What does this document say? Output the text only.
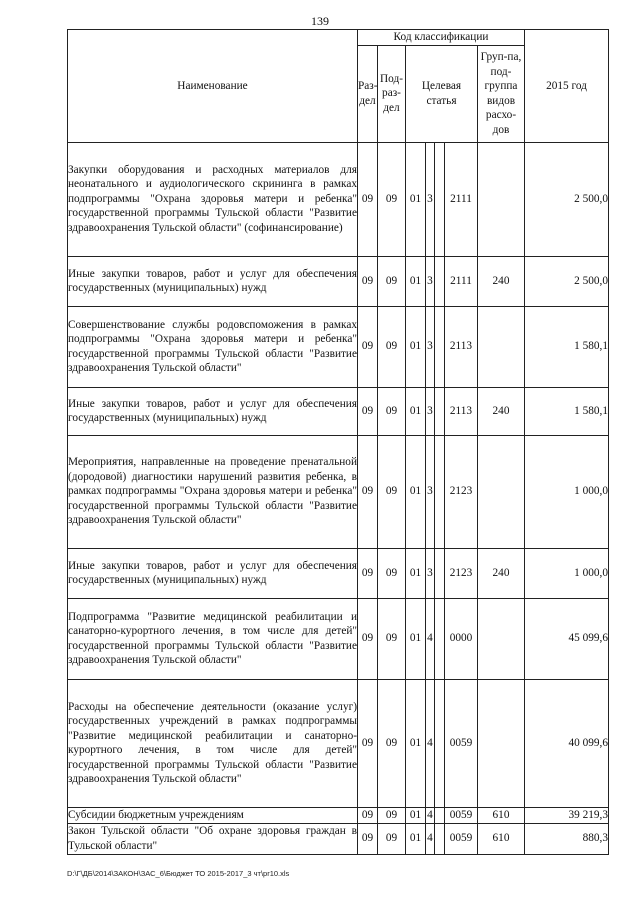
139
Наименование	Код классификации							2015 год
	Раз-дел	Под-раз-дел	Целевая статья				Груп-па, под-группа видов расхо-дов	
Закупки оборудования и расходных материалов для неонатального и аудиологического скрининга в рамках подпрограммы "Охрана здоровья матери и ребенка" государственной программы Тульской области "Развитие здравоохранения Тульской области" (софинансирование)	09	09	01	3		2111		2 500,0
Иные закупки товаров, работ и услуг для обеспечения государственных (муниципальных) нужд	09	09	01	3		2111	240	2 500,0
Совершенствование службы родовспоможения в рамках подпрограммы "Охрана здоровья матери и ребенка" государственной программы Тульской области "Развитие здравоохранения Тульской области"	09	09	01	3		2113		1 580,1
Иные закупки товаров, работ и услуг для обеспечения государственных (муниципальных) нужд	09	09	01	3		2113	240	1 580,1
Мероприятия, направленные на проведение пренатальной (дородовой) диагностики нарушений развития ребенка, в рамках подпрограммы "Охрана здоровья матери и ребенка" государственной программы Тульской области "Развитие здравоохранения Тульской области"	09	09	01	3		2123		1 000,0
Иные закупки товаров, работ и услуг для обеспечения государственных (муниципальных) нужд	09	09	01	3		2123	240	1 000,0
Подпрограмма "Развитие медицинской реабилитации и санаторно-курортного лечения, в том числе для детей" государственной программы Тульской области "Развитие здравоохранения Тульской области"	09	09	01	4		0000		45 099,6
Расходы на обеспечение деятельности (оказание услуг) государственных учреждений в рамках подпрограммы "Развитие медицинской реабилитации и санаторно-курортного лечения, в том числе для детей" государственной программы Тульской области "Развитие здравоохранения Тульской области"	09	09	01	4		0059		40 099,6
Субсидии бюджетным учреждениям	09	09	01	4		0059	610	39 219,3
Закон Тульской области "Об охране здоровья граждан в Тульской области"	09	09	01	4		0059	610	880,3
D:\Г\ДБ\2014\ЗАКОН\ЗАС_6\Бюджет ТО 2015-2017_3 чт\pr10.xls
